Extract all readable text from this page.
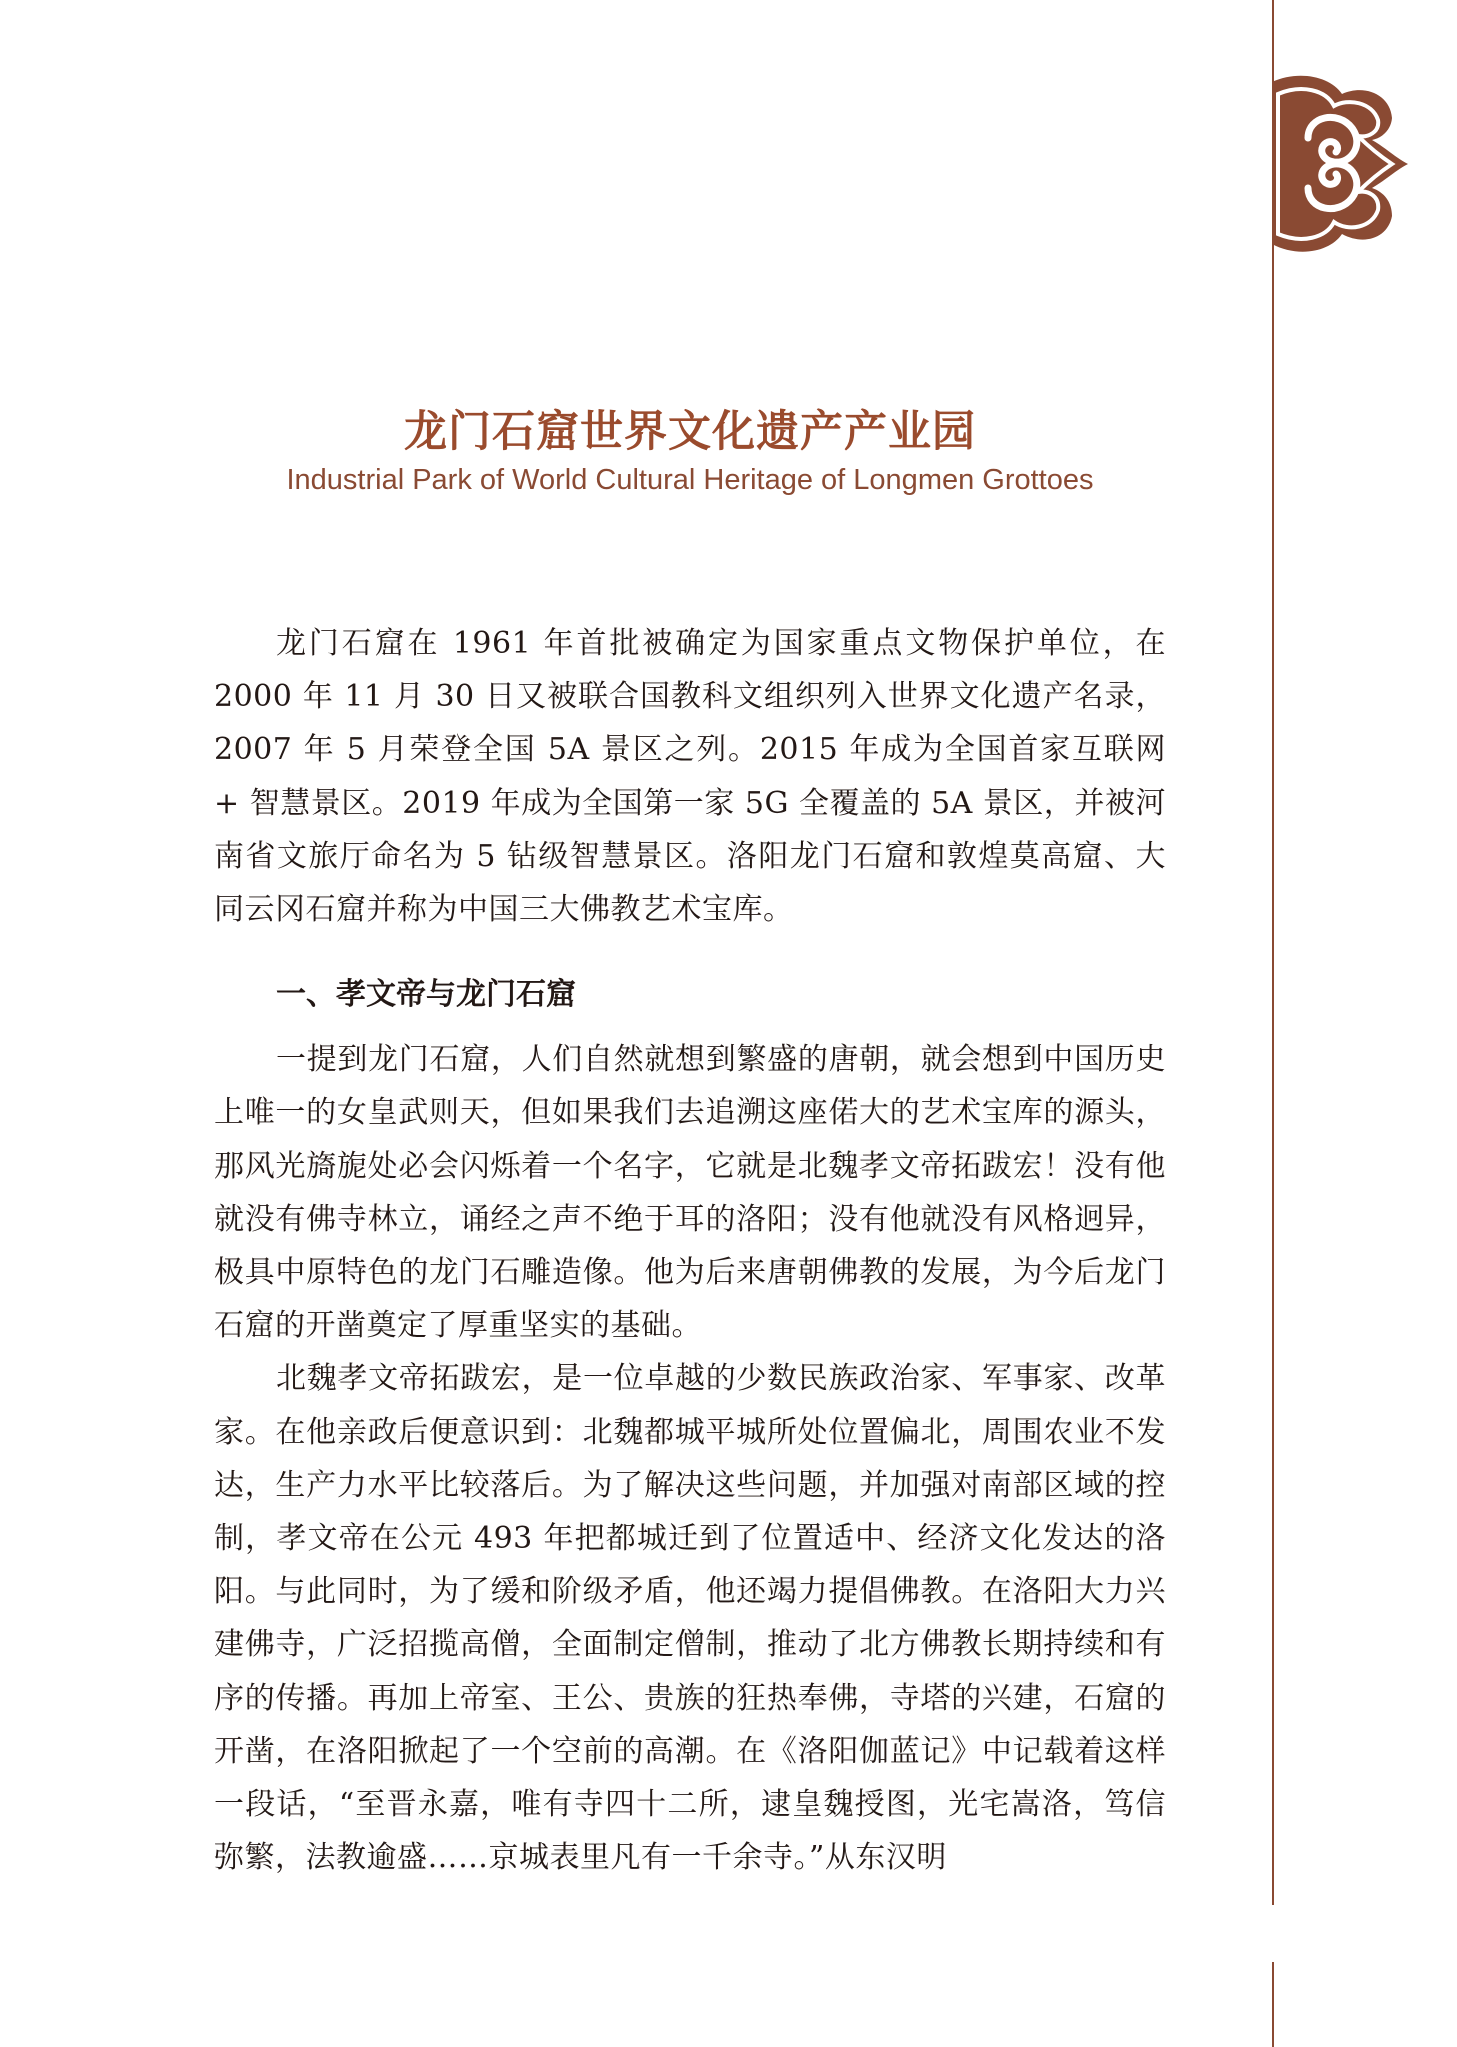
龙门石窟世界文化遗产产业园
Industrial Park of World Cultural Heritage of Longmen Grottoes

龙门石窟在 1961 年首批被确定为国家重点文物保护单位，在 2000 年 11 月 30 日又被联合国教科文组织列入世界文化遗产名录，2007 年 5 月荣登全国 5A 景区之列。2015 年成为全国首家互联网 + 智慧景区。2019 年成为全国第一家 5G 全覆盖的 5A 景区，并被河南省文旅厅命名为 5 钻级智慧景区。洛阳龙门石窟和敦煌莫高窟、大同云冈石窟并称为中国三大佛教艺术宝库。

一、孝文帝与龙门石窟

一提到龙门石窟，人们自然就想到繁盛的唐朝，就会想到中国历史上唯一的女皇武则天，但如果我们去追溯这座偌大的艺术宝库的源头，那风光旖旎处必会闪烁着一个名字，它就是北魏孝文帝拓跋宏！没有他就没有佛寺林立，诵经之声不绝于耳的洛阳；没有他就没有风格迥异，极具中原特色的龙门石雕造像。他为后来唐朝佛教的发展，为今后龙门石窟的开凿奠定了厚重坚实的基础。

北魏孝文帝拓跋宏，是一位卓越的少数民族政治家、军事家、改革家。在他亲政后便意识到：北魏都城平城所处位置偏北，周围农业不发达，生产力水平比较落后。为了解决这些问题，并加强对南部区域的控制，孝文帝在公元 493 年把都城迁到了位置适中、经济文化发达的洛阳。与此同时，为了缓和阶级矛盾，他还竭力提倡佛教。在洛阳大力兴建佛寺，广泛招揽高僧，全面制定僧制，推动了北方佛教长期持续和有序的传播。再加上帝室、王公、贵族的狂热奉佛，寺塔的兴建，石窟的开凿，在洛阳掀起了一个空前的高潮。在《洛阳伽蓝记》中记载着这样一段话，“至晋永嘉，唯有寺四十二所，逮皇魏授图，光宅嵩洛，笃信弥繁，法教逾盛……京城表里凡有一千余寺。”从东汉明
